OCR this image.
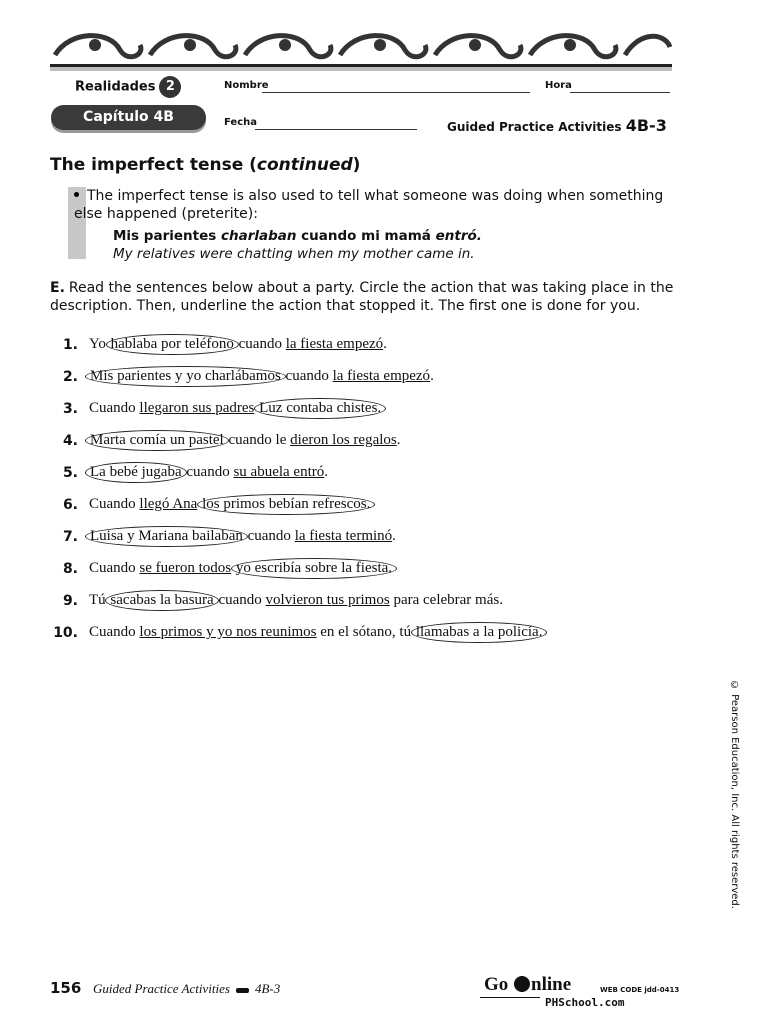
Realidades 2
Capítulo 4B
Nombre	Hora
Fecha	Guided Practice Activities 4B-3
The imperfect tense (continued)
The imperfect tense is also used to tell what someone was doing when something else happened (preterite):
Mis parientes charlaban cuando mi mamá entró.
My relatives were chatting when my mother came in.
E. Read the sentences below about a party. Circle the action that was taking place in the description. Then, underline the action that stopped it. The first one is done for you.
1. Yo hablaba por teléfono cuando la fiesta empezó.
2. Mis parientes y yo charlábamos cuando la fiesta empezó.
3. Cuando llegaron sus padres Luz contaba chistes.
4. Marta comía un pastel cuando le dieron los regalos.
5. La bebé jugaba cuando su abuela entró.
6. Cuando llegó Ana los primos bebían refrescos.
7. Luisa y Mariana bailaban cuando la fiesta terminó.
8. Cuando se fueron todos yo escribía sobre la fiesta.
9. Tú sacabas la basura cuando volvieron tus primos para celebrar más.
10. Cuando los primos y yo nos reunimos en el sótano, tú llamabas a la policía.
156 Guided Practice Activities 4B-3	Go nline	WEB CODE jdd-0413
PHSchool.com
© Pearson Education, Inc. All rights reserved.
